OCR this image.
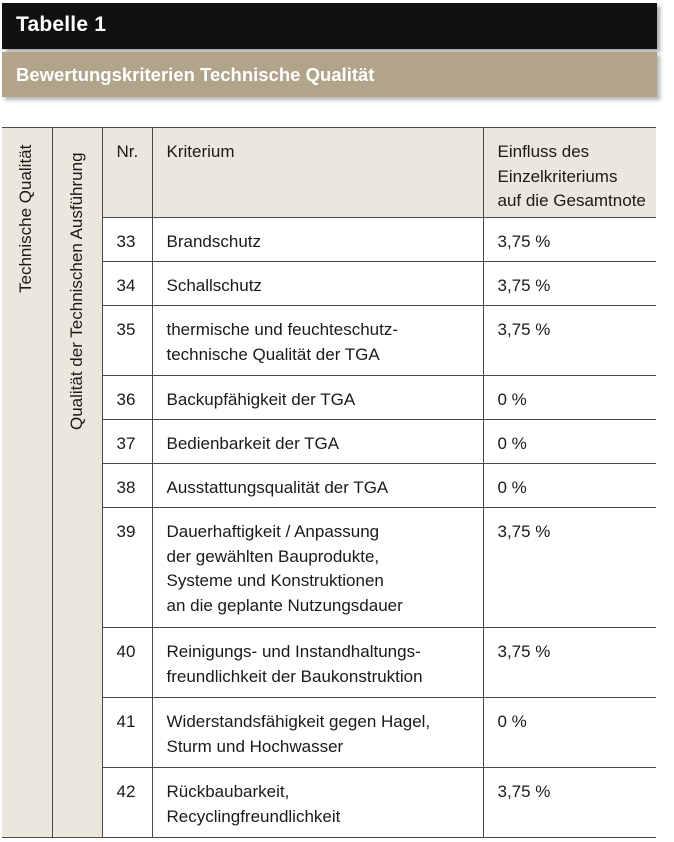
Tabelle 1
Bewertungskriterien Technische Qualität
Technische Qualität	Qualität der Technischen Ausführung	Nr.	Kriterium	Einfluss des
Einzelkriteriums
auf die Gesamtnote
		33	Brandschutz	3,75 %
		34	Schallschutz	3,75 %
		35	thermische und feuchteschutz-
technische Qualität der TGA	3,75 %
		36	Backupfähigkeit der TGA	0 %
		37	Bedienbarkeit der TGA	0 %
		38	Ausstattungsqualität der TGA	0 %
		39	Dauerhaftigkeit / Anpassung
der gewählten Bauprodukte,
Systeme und Konstruktionen
an die geplante Nutzungsdauer	3,75 %
		40	Reinigungs- und Instandhaltungs-
freundlichkeit der Baukonstruktion	3,75 %
		41	Widerstandsfähigkeit gegen Hagel,
Sturm und Hochwasser	0 %
		42	Rückbaubarkeit,
Recyclingfreundlichkeit	3,75 %
